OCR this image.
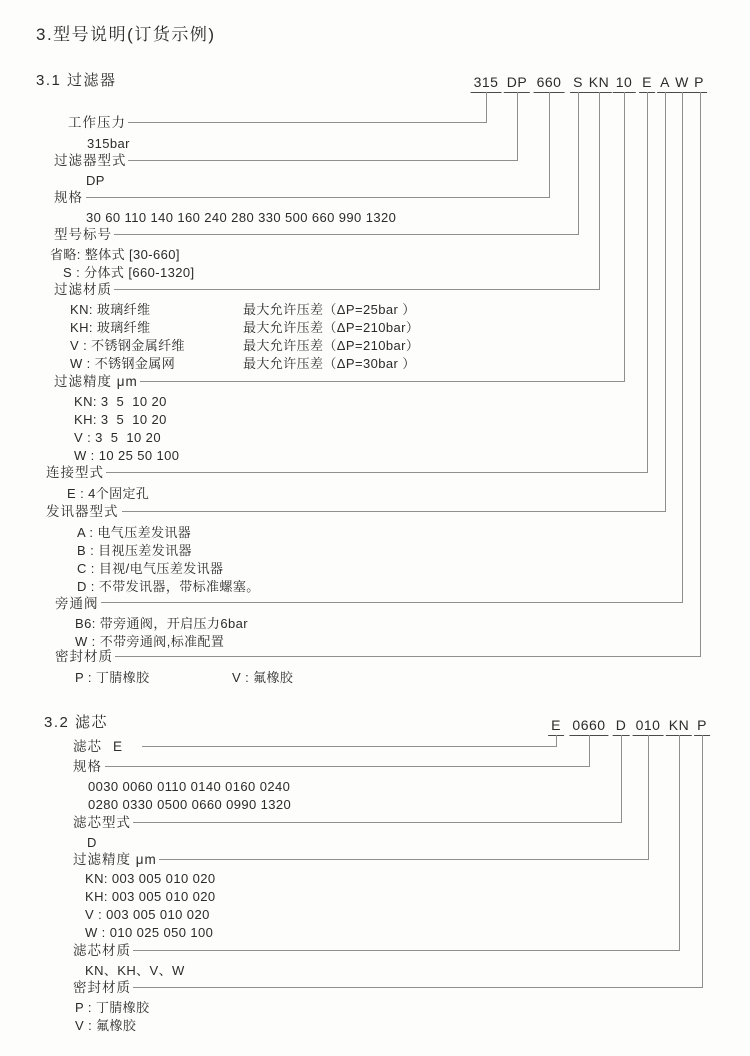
3.型号说明(订货示例)
3.1 过滤器	315 DP 660 S KN 10 E A W P
工作压力
315bar
过滤器型式
DP
规格
30 60 110 140 160 240 280 330 500 660 990 1320
型号标号
省略: 整体式 [30-660]
S : 分体式 [660-1320]
过滤材质
KN: 玻璃纤维	最大允许压差（ΔP=25bar ）
KH: 玻璃纤维	最大允许压差（ΔP=210bar）
V : 不锈钢金属纤维	最大允许压差（ΔP=210bar）
W : 不锈钢金属网	最大允许压差（ΔP=30bar ）
过滤精度 μm
KN: 3  5  10 20
KH: 3  5  10 20
V : 3  5  10 20
W : 10 25 50 100
连接型式
E : 4个固定孔
发讯器型式
A : 电气压差发讯器
B : 目视压差发讯器
C : 目视/电气压差发讯器
D : 不带发讯器，带标准螺塞。
旁通阀
B6: 带旁通阀，开启压力6bar
W : 不带旁通阀,标准配置
密封材质
P : 丁腈橡胶	V : 氟橡胶
3.2 滤芯	E 0660 D 010 KN P
滤芯 E
规格
0030 0060 0110 0140 0160 0240
0280 0330 0500 0660 0990 1320
滤芯型式
D
过滤精度 μm
KN: 003 005 010 020
KH: 003 005 010 020
V : 003 005 010 020
W : 010 025 050 100
滤芯材质
KN、KH、V、W
密封材质
P : 丁腈橡胶
V : 氟橡胶
